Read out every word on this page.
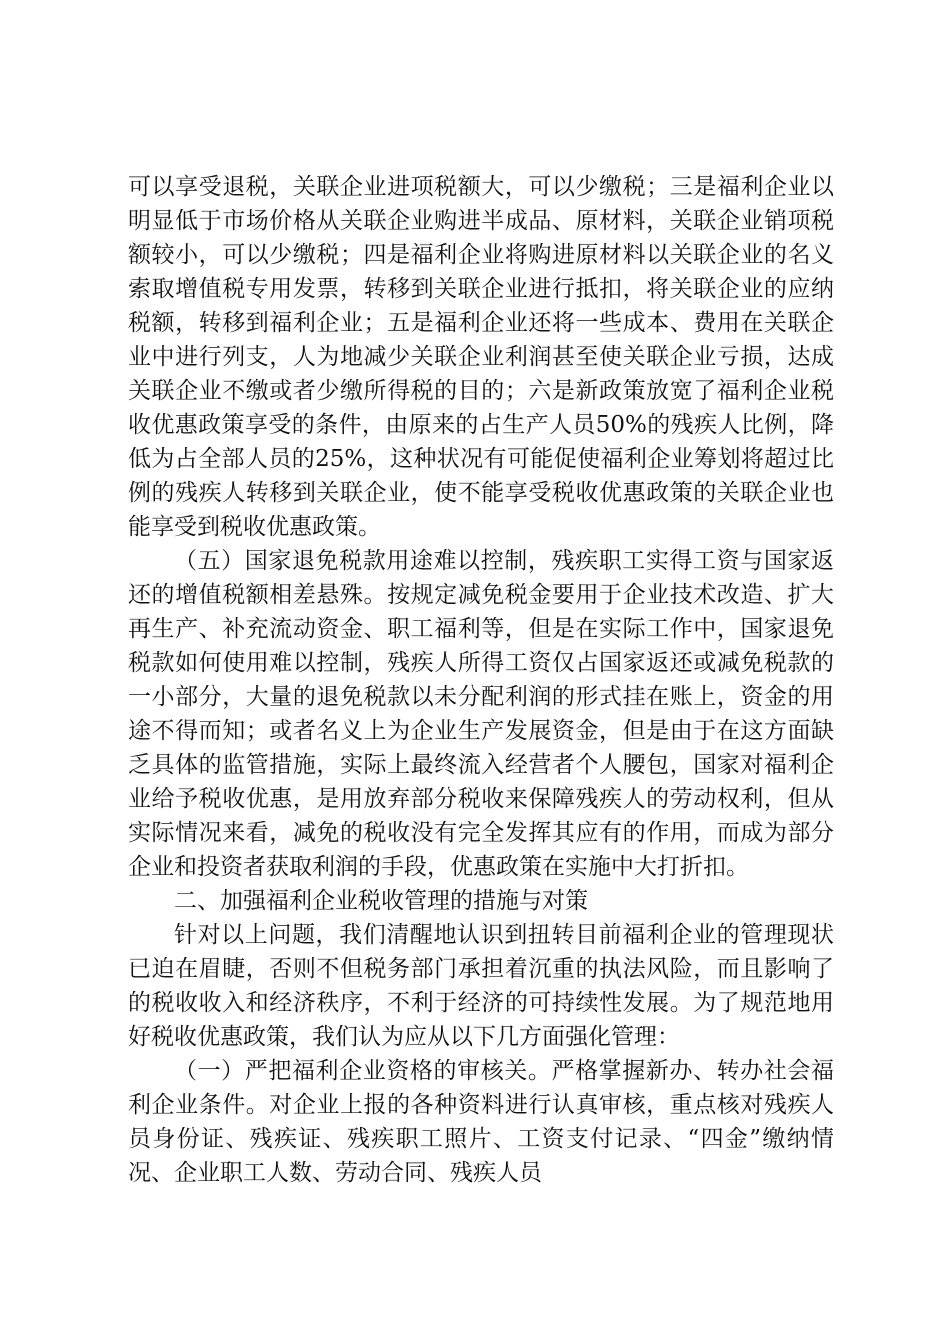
可以享受退税，关联企业进项税额大，可以少缴税；三是福利企业以明显低于市场价格从关联企业购进半成品、原材料，关联企业销项税额较小，可以少缴税；四是福利企业将购进原材料以关联企业的名义索取增值税专用发票，转移到关联企业进行抵扣，将关联企业的应纳税额，转移到福利企业；五是福利企业还将一些成本、费用在关联企业中进行列支，人为地减少关联企业利润甚至使关联企业亏损，达成关联企业不缴或者少缴所得税的目的；六是新政策放宽了福利企业税收优惠政策享受的条件，由原来的占生产人员50%的残疾人比例，降低为占全部人员的25%，这种状况有可能促使福利企业筹划将超过比例的残疾人转移到关联企业，使不能享受税收优惠政策的关联企业也能享受到税收优惠政策。

（五）国家退免税款用途难以控制，残疾职工实得工资与国家返还的增值税额相差悬殊。按规定减免税金要用于企业技术改造、扩大再生产、补充流动资金、职工福利等，但是在实际工作中，国家退免税款如何使用难以控制，残疾人所得工资仅占国家返还或减免税款的一小部分，大量的退免税款以未分配利润的形式挂在账上，资金的用途不得而知；或者名义上为企业生产发展资金，但是由于在这方面缺乏具体的监管措施，实际上最终流入经营者个人腰包，国家对福利企业给予税收优惠，是用放弃部分税收来保障残疾人的劳动权利，但从实际情况来看，减免的税收没有完全发挥其应有的作用，而成为部分企业和投资者获取利润的手段，优惠政策在实施中大打折扣。

二、加强福利企业税收管理的措施与对策

针对以上问题，我们清醒地认识到扭转目前福利企业的管理现状已迫在眉睫，否则不但税务部门承担着沉重的执法风险，而且影响了的税收收入和经济秩序，不利于经济的可持续性发展。为了规范地用好税收优惠政策，我们认为应从以下几方面强化管理：

（一）严把福利企业资格的审核关。严格掌握新办、转办社会福利企业条件。对企业上报的各种资料进行认真审核，重点核对残疾人员身份证、残疾证、残疾职工照片、工资支付记录、“四金”缴纳情况、企业职工人数、劳动合同、残疾人员
